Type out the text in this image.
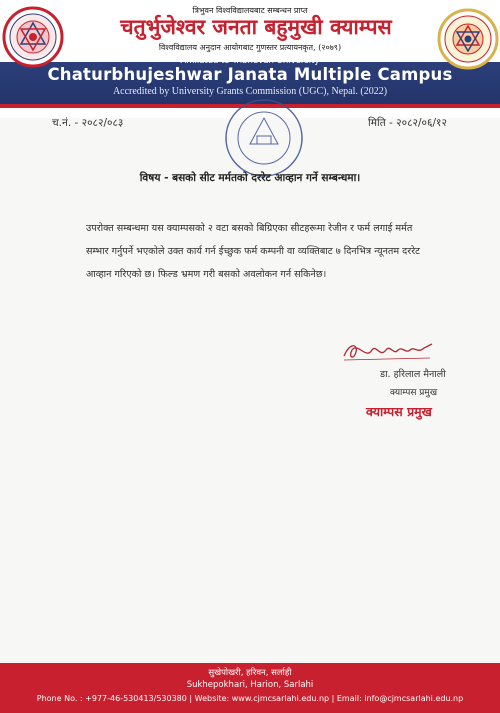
त्रिभुवन विश्वविद्यालयबाट सम्बन्धन प्राप्त
चतुर्भुजेश्वर जनता बहुमुखी क्याम्पस
विश्वविद्यालय अनुदान आयोगबाट गुणस्तर प्रत्यायनकृत, (२०७९)
Affiliated to Tribhuvan University
Chaturbhujeshwar Janata Multiple Campus
Accredited by University Grants Commission (UGC), Nepal. (2022)
च.नं. - २०८२/०८३	मिति - २०८२/०६/१२
विषय - बसको सीट मर्मतको दररेट आव्हान गर्ने सम्बन्धमा।
उपरोक्त सम्बन्धमा यस क्याम्पसको २ वटा बसको बिग्रिएका सीटहरूमा रेजीन र फर्म लगाई मर्मत सम्भार गर्नुपर्ने भएकोले उक्त कार्य गर्न ईच्छुक फर्म कम्पनी वा व्यक्तिबाट ७ दिनभित्र न्यूनतम दररेट आव्हान गरिएको छ। फिल्ड भ्रमण गरी बसको अवलोकन गर्न सकिनेछ।
डा. हरिलाल मैनाली
क्याम्पस प्रमुख
क्याम्पस प्रमुख
सुखेपोखरी, हरिवन, सर्लाही
Sukhepokhari, Harion, Sarlahi
Phone No. : +977-46-530413/530380 | Website: www.cjmcsarlahi.edu.np | Email: info@cjmcsarlahi.edu.np
